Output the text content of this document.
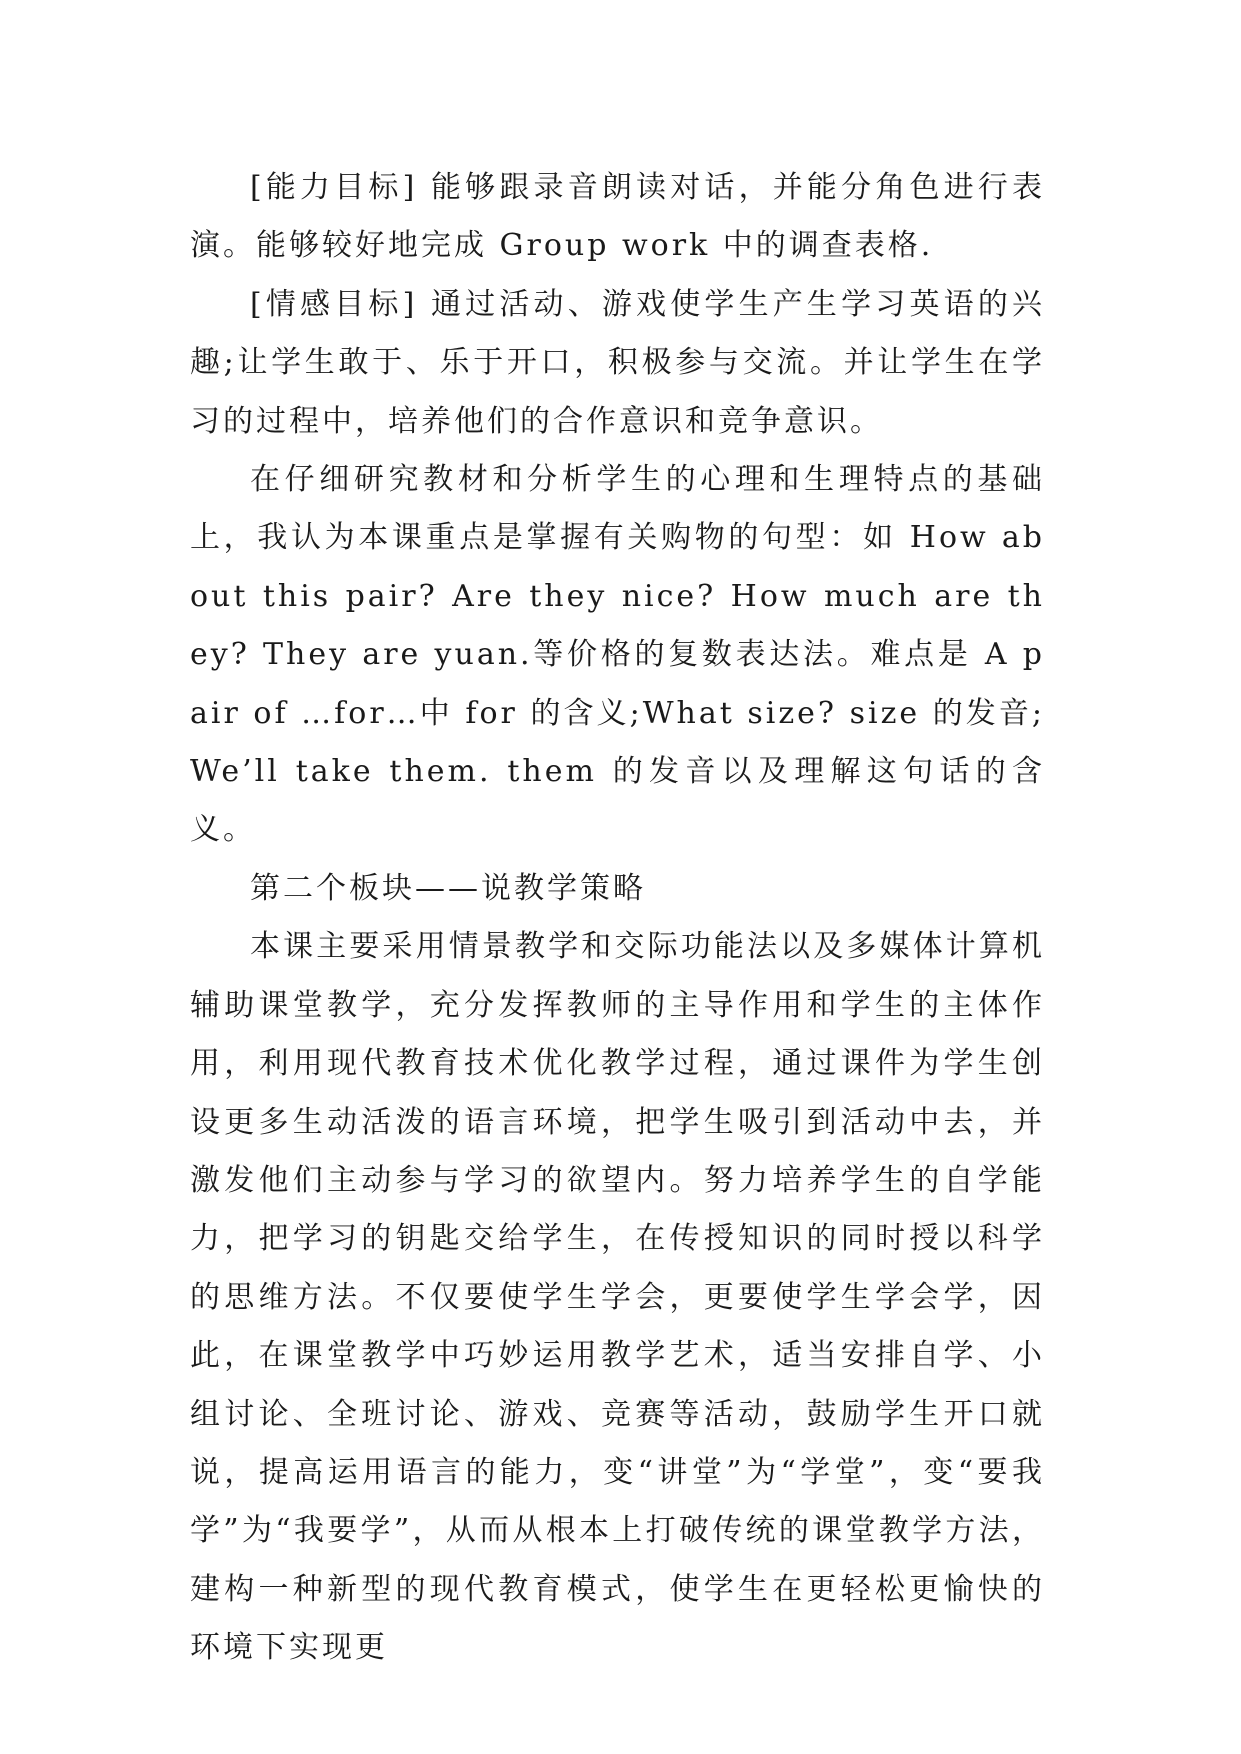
[能力目标] 能够跟录音朗读对话，并能分角色进行表演。能够较好地完成 Group work 中的调查表格.

[情感目标] 通过活动、游戏使学生产生学习英语的兴趣;让学生敢于、乐于开口，积极参与交流。并让学生在学习的过程中，培养他们的合作意识和竞争意识。

在仔细研究教材和分析学生的心理和生理特点的基础上，我认为本课重点是掌握有关购物的句型：如 How about this pair? Are they nice? How much are they? They are yuan.等价格的复数表达法。难点是 A pair of …for…中 for 的含义;What size? size 的发音;We’ll take them. them 的发音以及理解这句话的含义。

第二个板块——说教学策略

本课主要采用情景教学和交际功能法以及多媒体计算机辅助课堂教学，充分发挥教师的主导作用和学生的主体作用，利用现代教育技术优化教学过程，通过课件为学生创设更多生动活泼的语言环境，把学生吸引到活动中去，并激发他们主动参与学习的欲望内。努力培养学生的自学能力，把学习的钥匙交给学生，在传授知识的同时授以科学的思维方法。不仅要使学生学会，更要使学生学会学，因此，在课堂教学中巧妙运用教学艺术，适当安排自学、小组讨论、全班讨论、游戏、竞赛等活动，鼓励学生开口就说，提高运用语言的能力，变“讲堂”为“学堂”，变“要我学”为“我要学”，从而从根本上打破传统的课堂教学方法，建构一种新型的现代教育模式，使学生在更轻松更愉快的环境下实现更
